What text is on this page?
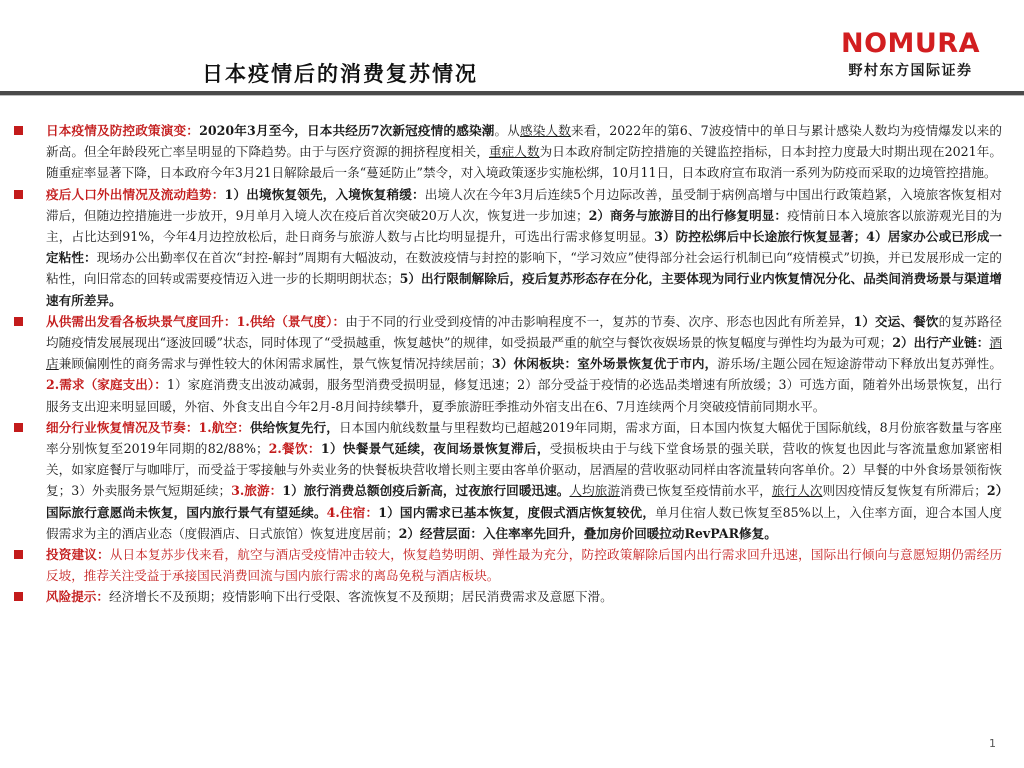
日本疫情后的消费复苏情况
NOMURA
野村东方国际证券

日本疫情及防控政策演变：2020年3月至今，日本共经历7次新冠疫情的感染潮。从感染人数来看，2022年的第6、7波疫情中的单日与累计感染人数均为疫情爆发以来的新高。但全年龄段死亡率呈明显的下降趋势。由于与医疗资源的拥挤程度相关，重症人数为日本政府制定防控措施的关键监控指标，日本封控力度最大时期出现在2021年。随重症率显著下降，日本政府今年3月21日解除最后一条“蔓延防止”禁令，对入境政策逐步实施松绑，10月11日，日本政府宣布取消一系列为防疫而采取的边境管控措施。

疫后人口外出情况及流动趋势：1）出境恢复领先，入境恢复稍缓：出境人次在今年3月后连续5个月边际改善，虽受制于病例高增与中国出行政策趋紧，入境旅客恢复相对滞后，但随边控措施进一步放开，9月单月入境人次在疫后首次突破20万人次，恢复进一步加速；2）商务与旅游目的出行修复明显：疫情前日本入境旅客以旅游观光目的为主，占比达到91%，今年4月边控放松后，赴日商务与旅游人数与占比均明显提升，可选出行需求修复明显。3）防控松绑后中长途旅行恢复显著；4）居家办公或已形成一定粘性：现场办公出勤率仅在首次“封控-解封”周期有大幅波动，在数波疫情与封控的影响下，“学习效应”使得部分社会运行机制已向“疫情模式”切换，并已发展形成一定的粘性，向旧常态的回转或需要疫情迈入进一步的长期明朗状态；5）出行限制解除后，疫后复苏形态存在分化，主要体现为同行业内恢复情况分化、品类间消费场景与渠道增速有所差异。

从供需出发看各板块景气度回升：1.供给（景气度）：由于不同的行业受到疫情的冲击影响程度不一，复苏的节奏、次序、形态也因此有所差异，1）交运、餐饮的复苏路径均随疫情发展展现出“逐波回暖”状态，同时体现了“受损越重，恢复越快”的规律，如受损最严重的航空与餐饮夜娱场景的恢复幅度与弹性均为最为可观；2）出行产业链：酒店兼顾偏刚性的商务需求与弹性较大的休闲需求属性，景气恢复情况持续居前；3）休闲板块：室外场景恢复优于市内，游乐场/主题公园在短途游带动下释放出复苏弹性。2.需求（家庭支出）：1）家庭消费支出波动减弱，服务型消费受损明显，修复迅速；2）部分受益于疫情的必选品类增速有所放缓；3）可选方面，随着外出场景恢复，出行服务支出迎来明显回暖，外宿、外食支出自今年2月-8月间持续攀升，夏季旅游旺季推动外宿支出在6、7月连续两个月突破疫情前同期水平。

细分行业恢复情况及节奏：1.航空：供给恢复先行，日本国内航线数量与里程数均已超越2019年同期，需求方面，日本国内恢复大幅优于国际航线，8月份旅客数量与客座率分别恢复至2019年同期的82/88%；2.餐饮：1）快餐景气延续，夜间场景恢复滞后，受损板块由于与线下堂食场景的强关联，营收的恢复也因此与客流量愈加紧密相关，如家庭餐厅与咖啡厅，而受益于零接触与外卖业务的快餐板块营收增长则主要由客单价驱动，居酒屋的营收驱动同样由客流量转向客单价。2）早餐的中外食场景领衔恢复；3）外卖服务景气短期延续；3.旅游：1）旅行消费总额创疫后新高，过夜旅行回暖迅速。人均旅游消费已恢复至疫情前水平，旅行人次则因疫情反复恢复有所滞后；2）国际旅行意愿尚未恢复，国内旅行景气有望延续。4.住宿：1）国内需求已基本恢复，度假式酒店恢复较优，单月住宿人数已恢复至85%以上，入住率方面，迎合本国人度假需求为主的酒店业态（度假酒店、日式旅馆）恢复进度居前；2）经营层面：入住率率先回升，叠加房价回暖拉动RevPAR修复。

投资建议：从日本复苏步伐来看，航空与酒店受疫情冲击较大，恢复趋势明朗、弹性最为充分，防控政策解除后国内出行需求回升迅速，国际出行倾向与意愿短期仍需经历反坡，推荐关注受益于承接国民消费回流与国内旅行需求的离岛免税与酒店板块。

风险提示：经济增长不及预期；疫情影响下出行受限、客流恢复不及预期；居民消费需求及意愿下滑。

1
